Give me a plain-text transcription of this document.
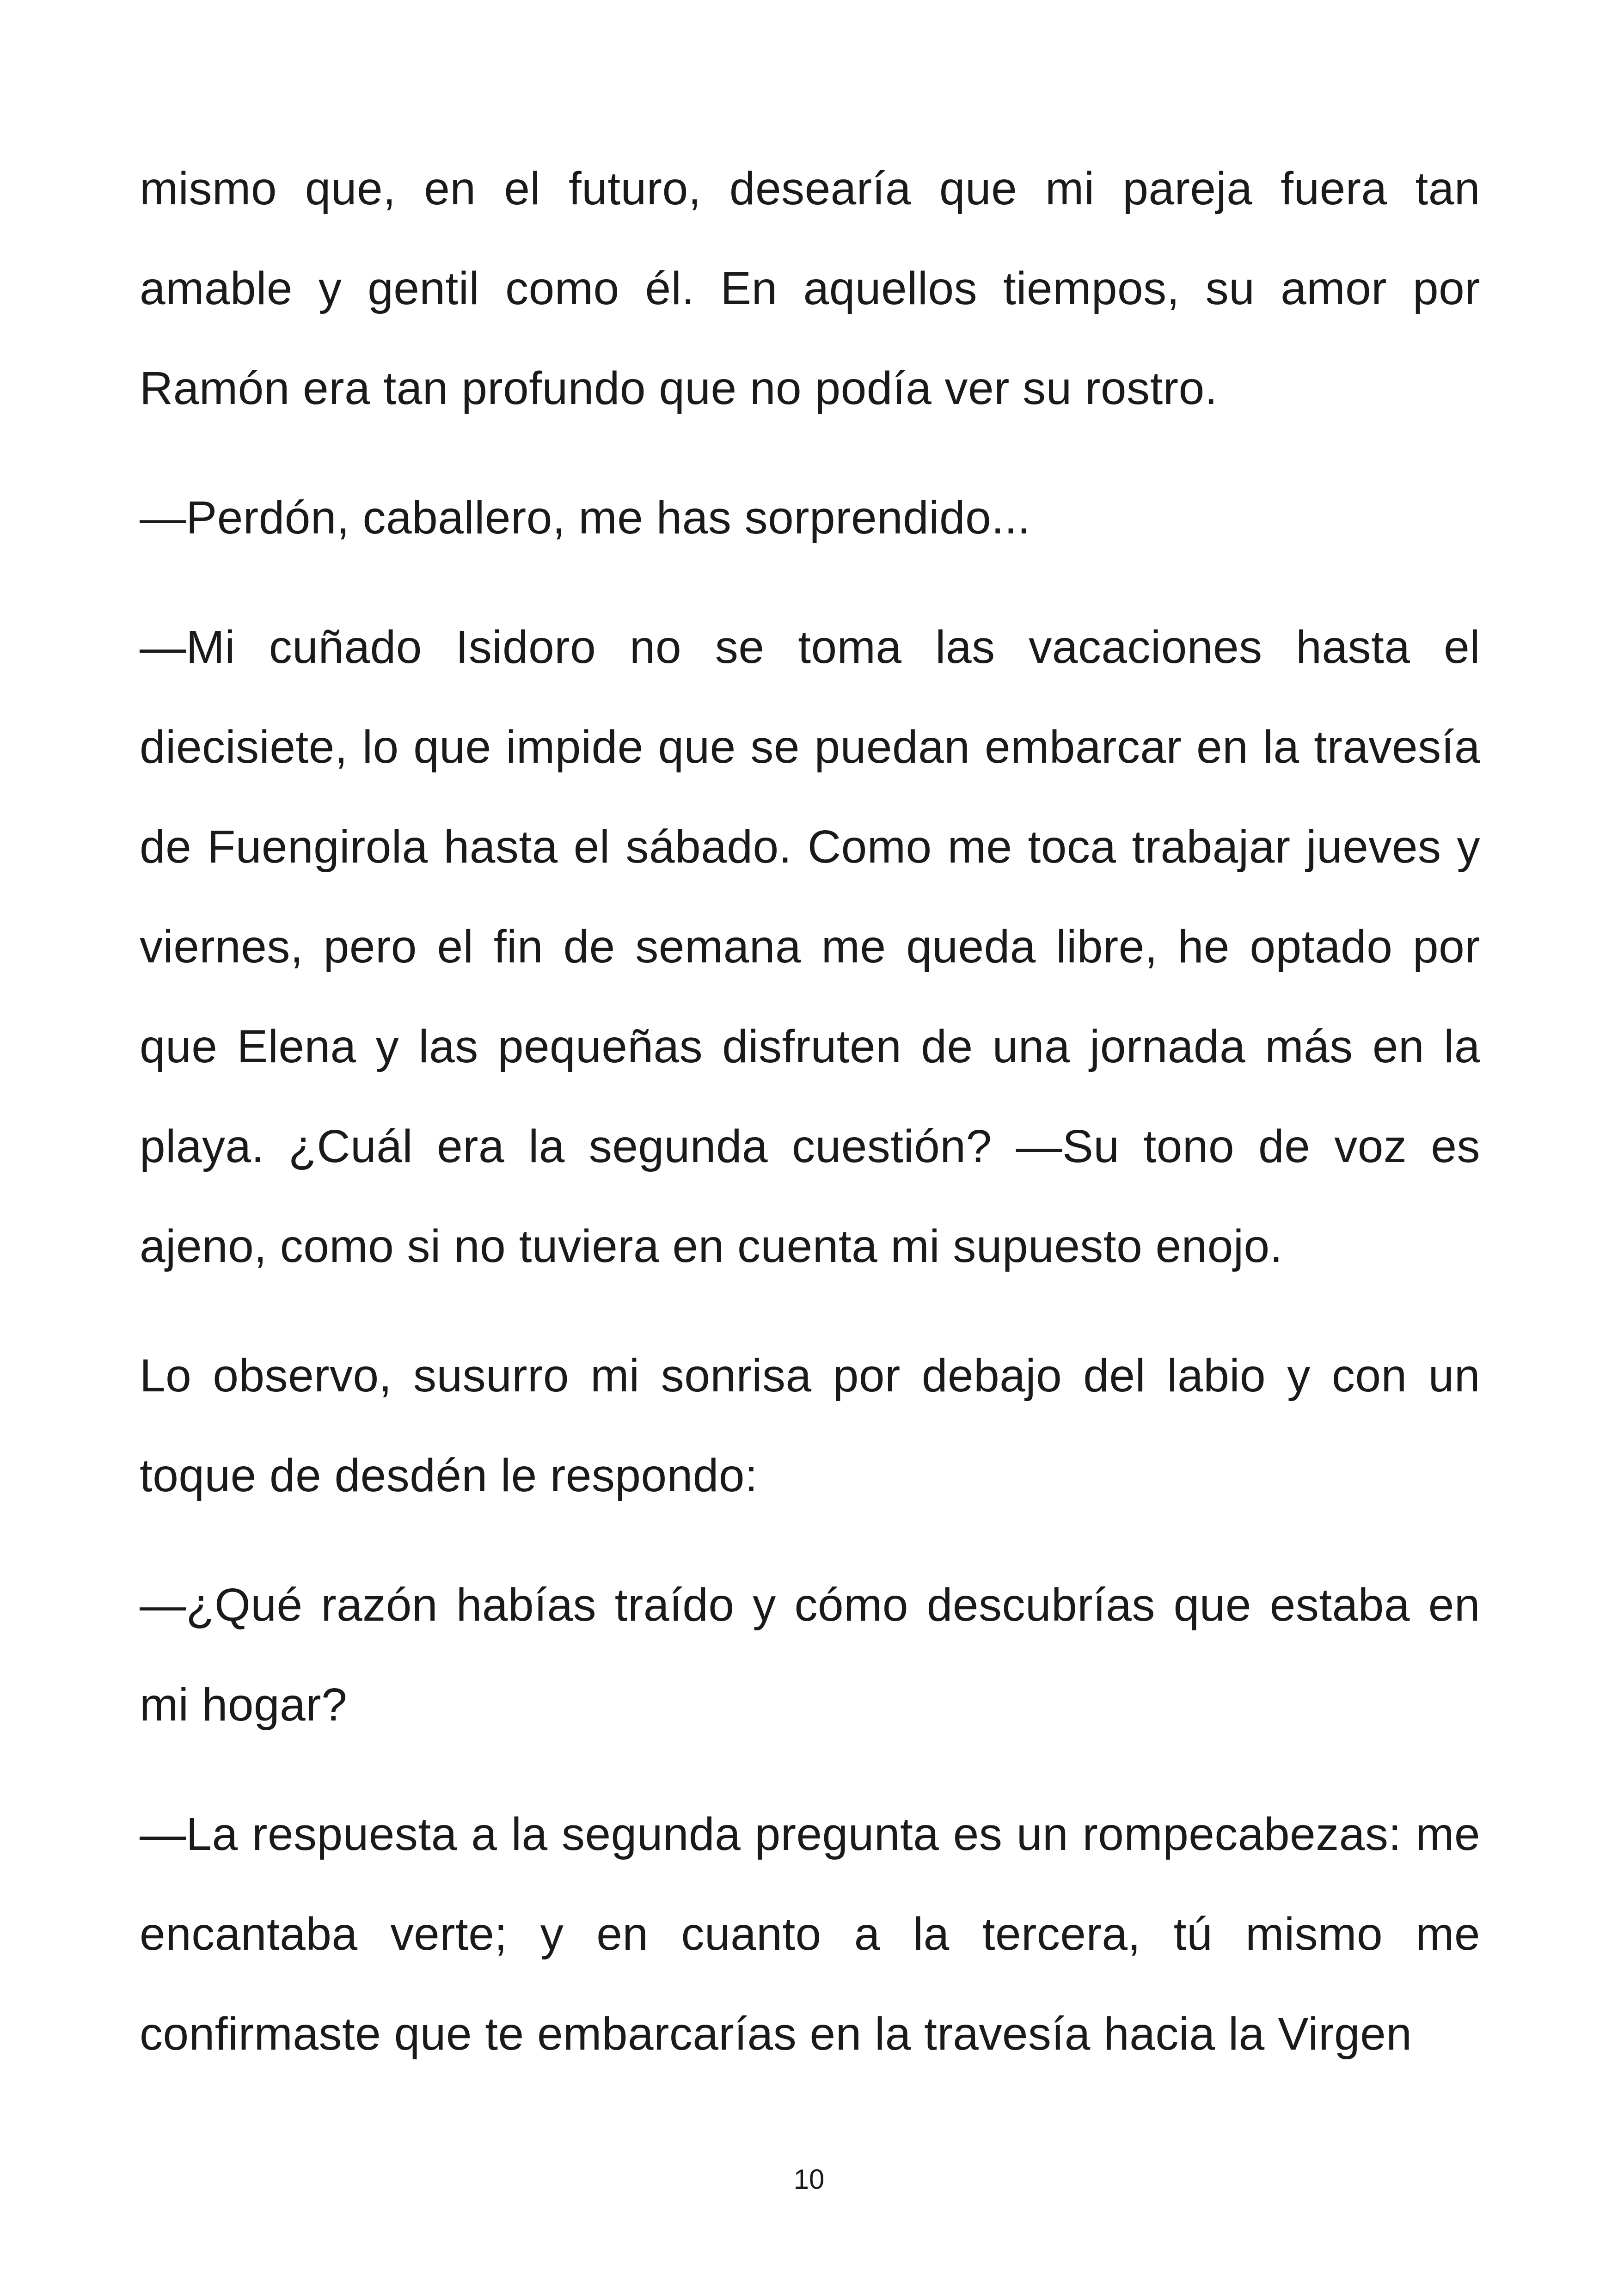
mismo que, en el futuro, desearía que mi pareja fuera tan amable y gentil como él. En aquellos tiempos, su amor por Ramón era tan profundo que no podía ver su rostro.

—Perdón, caballero, me has sorprendido...

—Mi cuñado Isidoro no se toma las vacaciones hasta el diecisiete, lo que impide que se puedan embarcar en la travesía de Fuengirola hasta el sábado. Como me toca trabajar jueves y viernes, pero el fin de semana me queda libre, he optado por que Elena y las pequeñas disfruten de una jornada más en la playa. ¿Cuál era la segunda cuestión? —Su tono de voz es ajeno, como si no tuviera en cuenta mi supuesto enojo.

Lo observo, susurro mi sonrisa por debajo del labio y con un toque de desdén le respondo:

—¿Qué razón habías traído y cómo descubrías que estaba en mi hogar?

—La respuesta a la segunda pregunta es un rompecabezas: me encantaba verte; y en cuanto a la tercera, tú mismo me confirmaste que te embarcarías en la travesía hacia la Virgen

10
